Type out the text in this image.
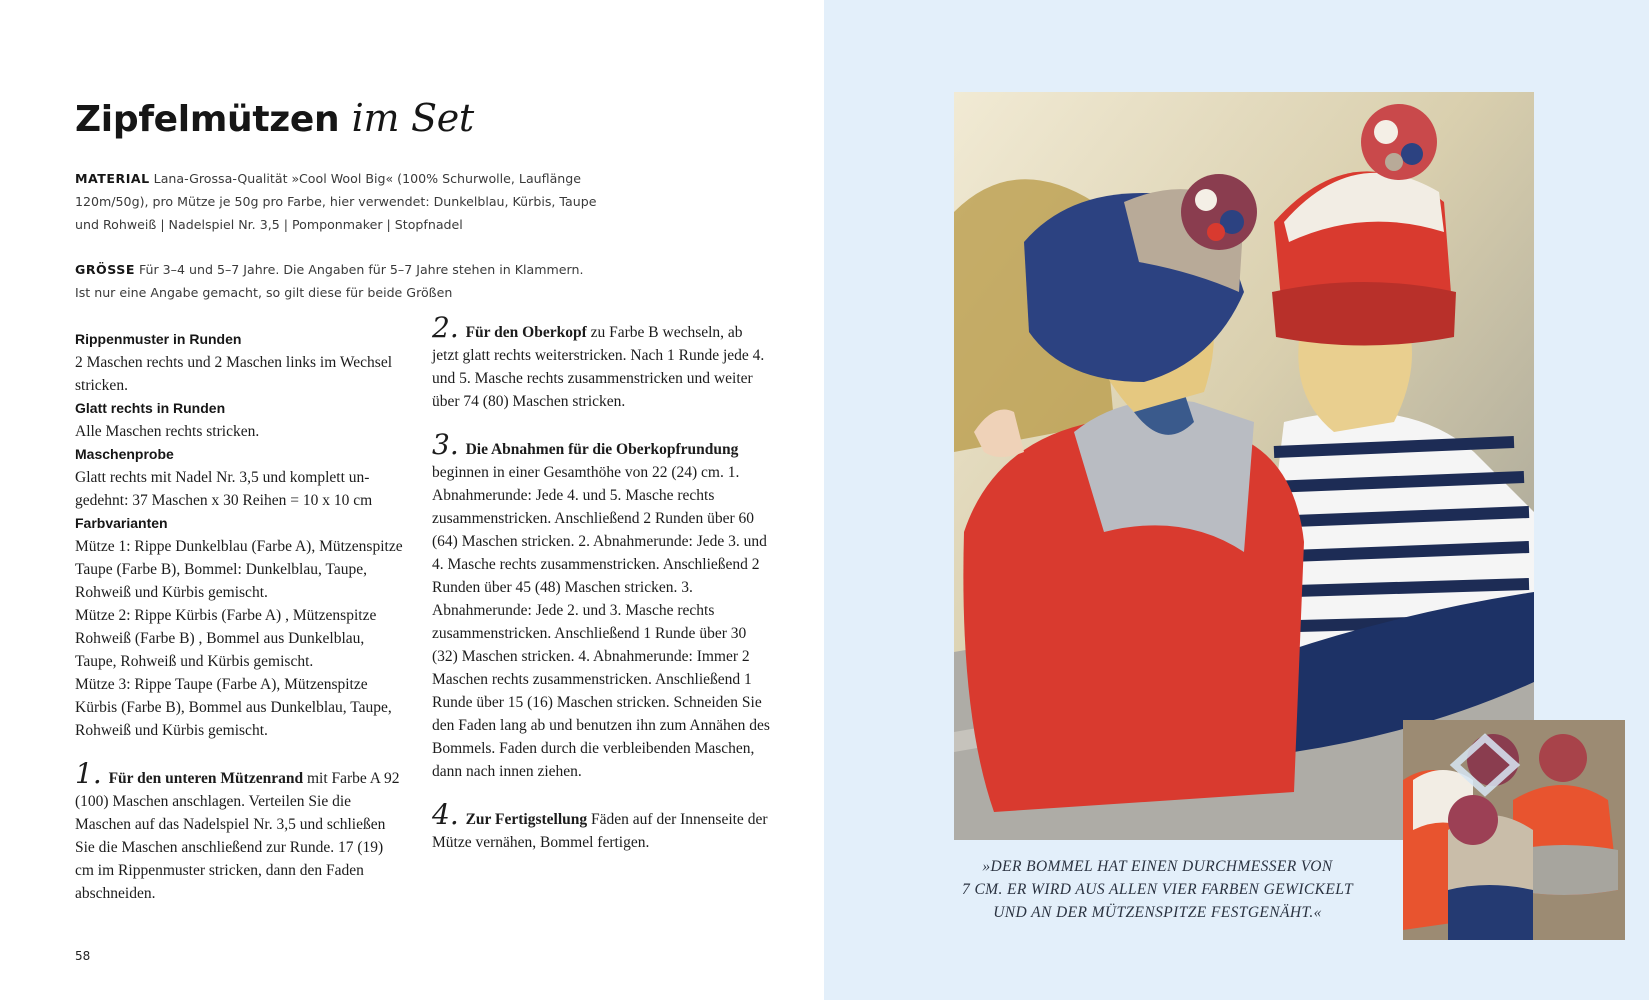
Zipfelmützen im Set
MATERIAL Lana-Grossa-Qualität »Cool Wool Big« (100% Schurwolle, Lauflänge
120m/50g), pro Mütze je 50g pro Farbe, hier verwendet: Dunkelblau, Kürbis, Taupe
und Rohweiß | Nadelspiel Nr. 3,5 | Pomponmaker | Stopfnadel
GRÖSSE Für 3–4 und 5–7 Jahre. Die Angaben für 5–7 Jahre stehen in Klammern.
Ist nur eine Angabe gemacht, so gilt diese für beide Größen

Rippenmuster in Runden

2 Maschen rechts und 2 Maschen links im Wechsel stricken.

Glatt rechts in Runden

Alle Maschen rechts stricken.

Maschenprobe

Glatt rechts mit Nadel Nr. 3,5 und komplett ungedehnt: 37 Maschen x 30 Reihen = 10 x 10 cm

Farbvarianten

Mütze 1: Rippe Dunkelblau (Farbe A), Mützenspitze Taupe (Farbe B), Bommel: Dunkelblau, Taupe, Rohweiß und Kürbis gemischt.

Mütze 2: Rippe Kürbis (Farbe A) , Mützenspitze Rohweiß (Farbe B) , Bommel aus Dunkelblau, Taupe, Rohweiß und Kürbis gemischt.

Mütze 3: Rippe Taupe (Farbe A), Mützenspitze Kürbis (Farbe B), Bommel aus Dunkelblau, Taupe, Rohweiß und Kürbis gemischt.

1. Für den unteren Mützenrand mit Farbe A 92 (100) Maschen anschlagen. Verteilen Sie die Maschen auf das Nadelspiel Nr. 3,5 und schließen Sie die Maschen anschließend zur Runde. 17 (19) cm im Rippenmuster stricken, dann den Faden abschneiden.

2. Für den Oberkopf zu Farbe B wechseln, ab jetzt glatt rechts weiterstricken. Nach 1 Runde jede 4. und 5. Masche rechts zusammenstricken und weiter über 74 (80) Maschen stricken.

3. Die Abnahmen für die Oberkopfrundung beginnen in einer Gesamthöhe von 22 (24) cm. 1. Abnahmerunde: Jede 4. und 5. Masche rechts zusammenstricken. Anschließend 2 Runden über 60 (64) Maschen stricken. 2. Abnahmerunde: Jede 3. und 4. Masche rechts zusammenstricken. Anschließend 2 Runden über 45 (48) Maschen stricken. 3. Abnahmerunde: Jede 2. und 3. Masche rechts zusammenstricken. Anschließend 1 Runde über 30 (32) Maschen stricken. 4. Abnahmerunde: Immer 2 Maschen rechts zusammenstricken. Anschließend 1 Runde über 15 (16) Maschen stricken. Schneiden Sie den Faden lang ab und benutzen ihn zum Annähen des Bommels. Faden durch die verbleibenden Maschen, dann nach innen ziehen.

4. Zur Fertigstellung Fäden auf der Innenseite der Mütze vernähen, Bommel fertigen.

58
»DER BOMMEL HAT EINEN DURCHMESSER VON
7 CM. ER WIRD AUS ALLEN VIER FARBEN GEWICKELT
UND AN DER MÜTZENSPITZE FESTGENÄHT.«
